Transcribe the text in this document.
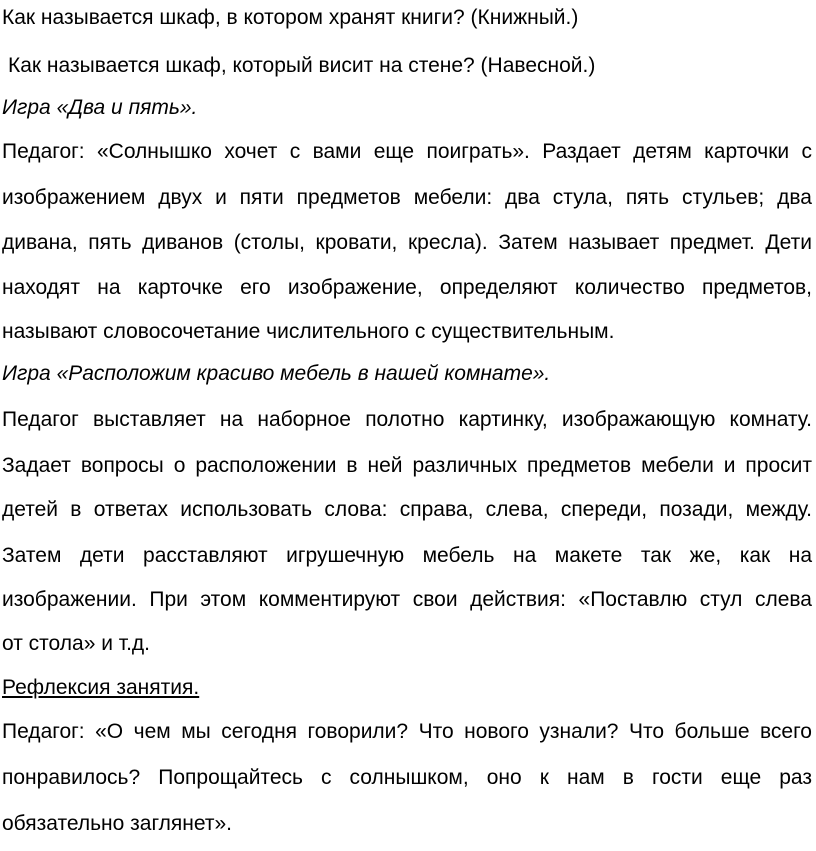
Как называется шкаф, в котором хранят книги? (Книжный.)
Как называется шкаф, который висит на стене? (Навесной.)
Игра «Два и пять».
Педагог: «Солнышко хочет с вами еще поиграть». Раздает детям карточки с
изображением двух и пяти предметов мебели: два стула, пять стульев; два
дивана, пять диванов (столы, кровати, кресла). Затем называет предмет. Дети
находят на карточке его изображение, определяют количество предметов,
называют словосочетание числительного с существительным.
Игра «Расположим красиво мебель в нашей комнате».
Педагог выставляет на наборное полотно картинку, изображающую комнату.
Задает вопросы о расположении в ней различных предметов мебели и просит
детей в ответах использовать слова: справа, слева, спереди, позади, между.
Затем дети расставляют игрушечную мебель на макете так же, как на
изображении. При этом комментируют свои действия: «Поставлю стул слева
от стола» и т.д.
Рефлексия занятия.
Педагог: «О чем мы сегодня говорили? Что нового узнали? Что больше всего
понравилось? Попрощайтесь с солнышком, оно к нам в гости еще раз
обязательно заглянет».
